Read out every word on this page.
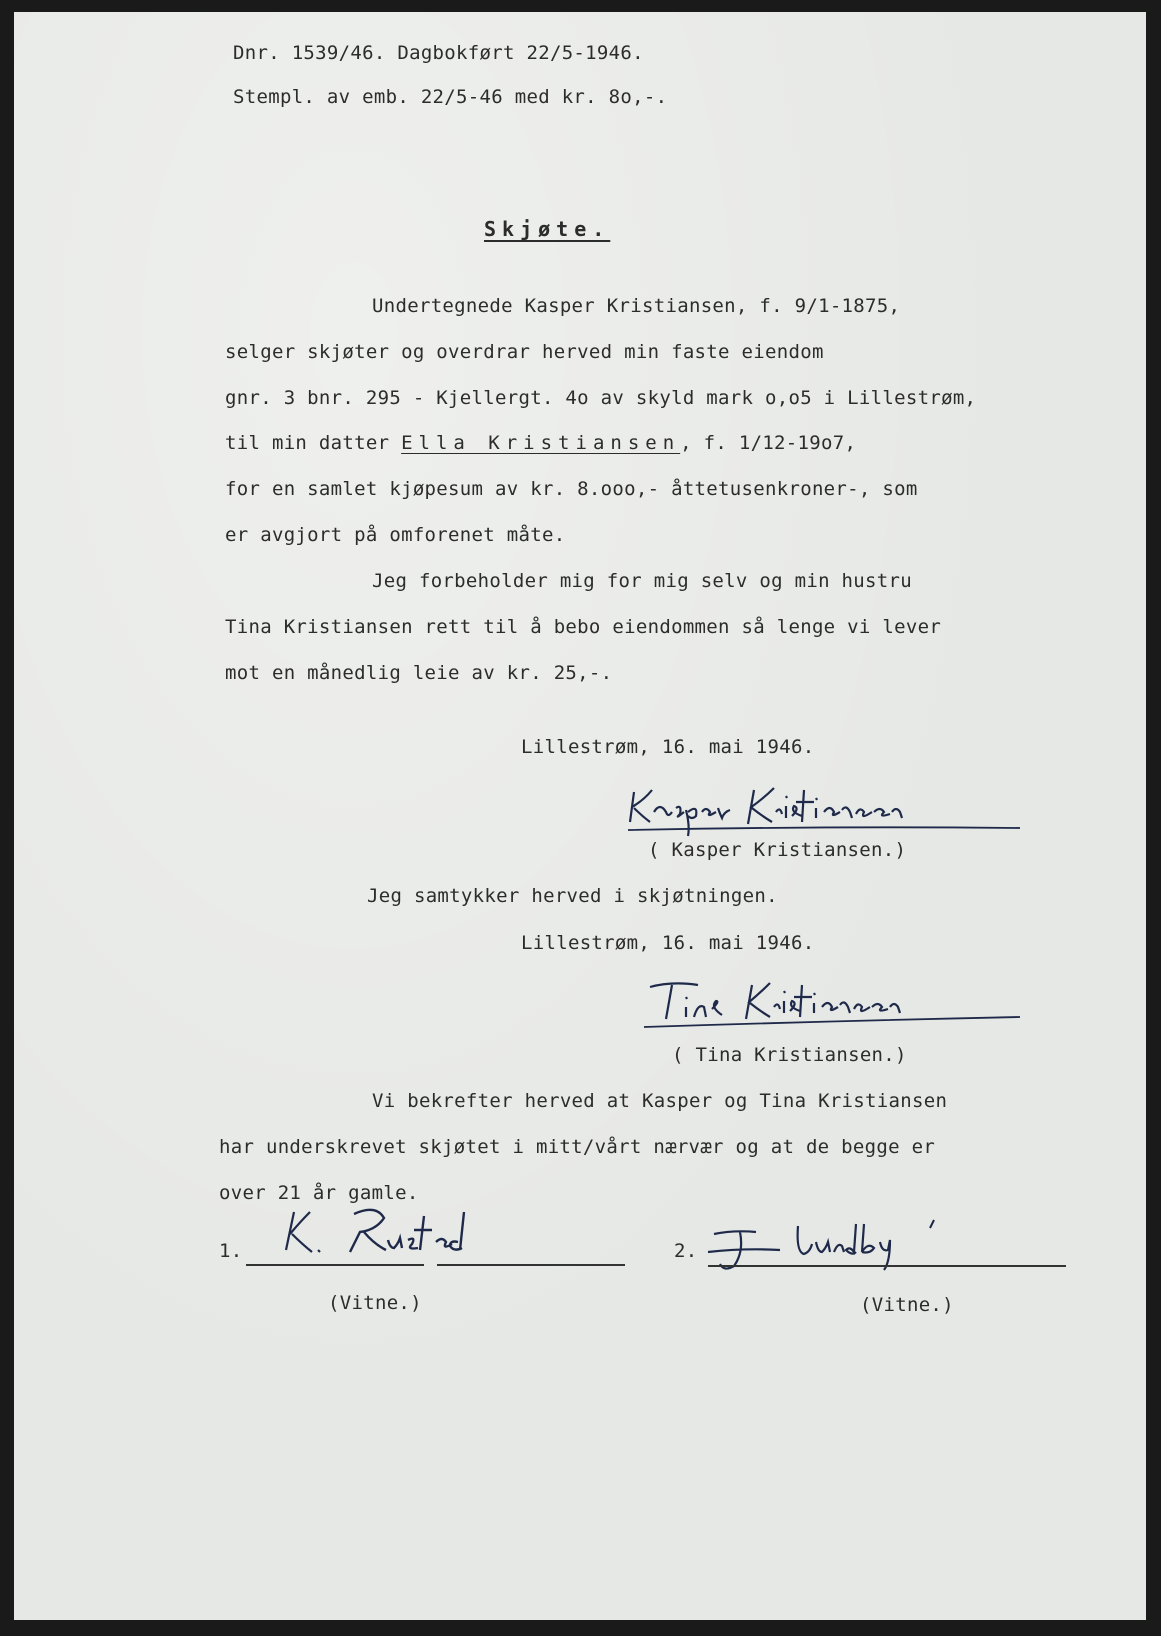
Dnr. 1539/46. Dagbokført 22/5-1946.
Stempl. av emb. 22/5-46 med kr. 8o,-.
Skjøte.
Undertegnede Kasper Kristiansen, f. 9/1-1875,
selger skjøter og overdrar herved min faste eiendom
gnr. 3 bnr. 295 - Kjellergt. 4o av skyld mark o,o5 i Lillestrøm,
til min datter Ella Kristiansen, f. 1/12-19o7,
for en samlet kjøpesum av kr. 8.ooo,- åttetusenkroner-, som
er avgjort på omforenet måte.
Jeg forbeholder mig for mig selv og min hustru
Tina Kristiansen rett til å bebo eiendommen så lenge vi lever
mot en månedlig leie av kr. 25,-.
Lillestrøm, 16. mai 1946.
( Kasper Kristiansen.)
Jeg samtykker herved i skjøtningen.
Lillestrøm, 16. mai 1946.
( Tina Kristiansen.)
Vi bekrefter herved at Kasper og Tina Kristiansen
har underskrevet skjøtet i mitt/vårt nærvær og at de begge er
over 21 år gamle.
1.
(Vitne.)
2.
(Vitne.)
